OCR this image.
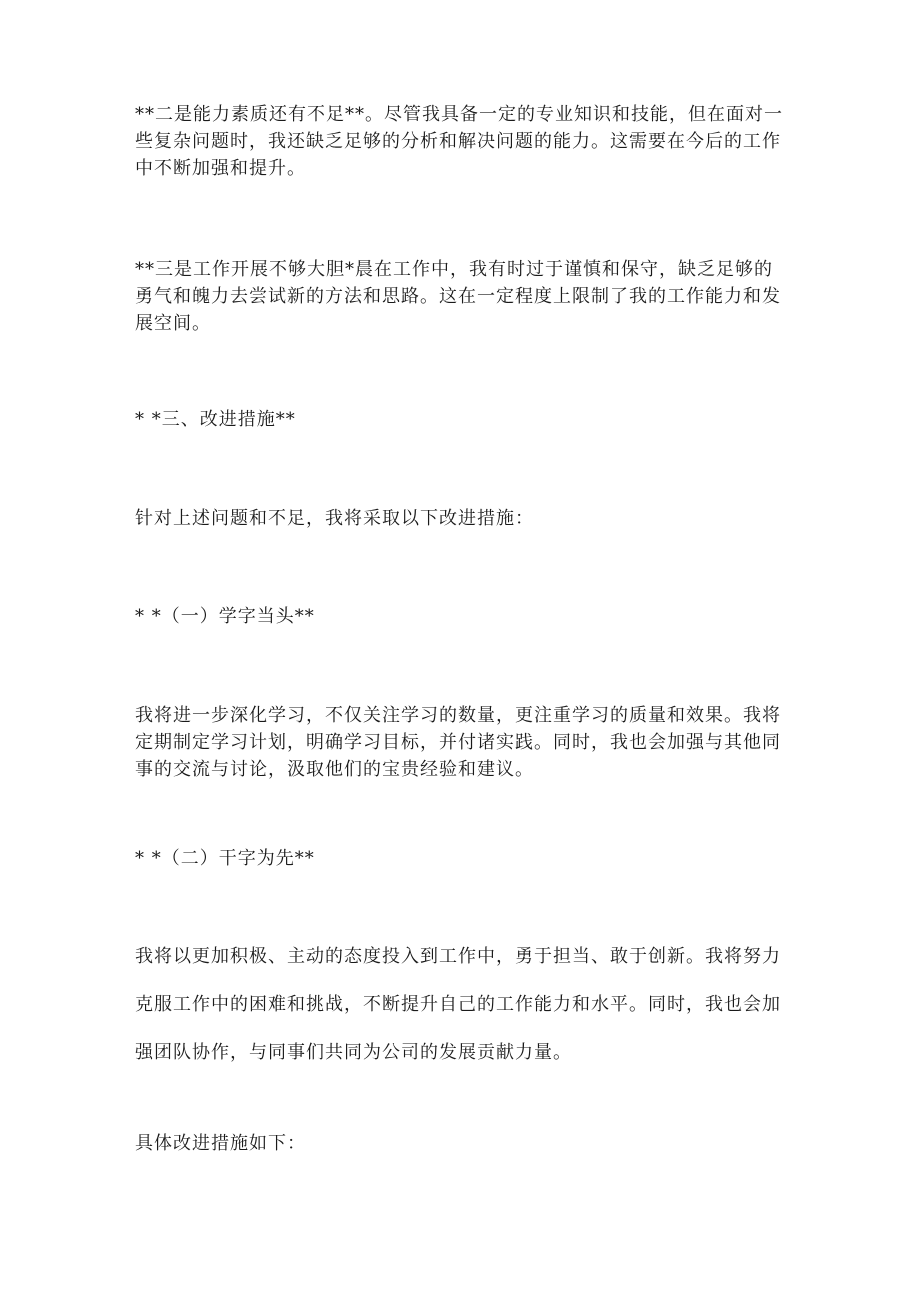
**二是能力素质还有不足**。尽管我具备一定的专业知识和技能，但在面对一些复杂问题时，我还缺乏足够的分析和解决问题的能力。这需要在今后的工作中不断加强和提升。
**三是工作开展不够大胆*晨在工作中，我有时过于谨慎和保守，缺乏足够的勇气和魄力去尝试新的方法和思路。这在一定程度上限制了我的工作能力和发展空间。
* *三、改进措施**
针对上述问题和不足，我将采取以下改进措施：
* *（一）学字当头**
我将进一步深化学习，不仅关注学习的数量，更注重学习的质量和效果。我将定期制定学习计划，明确学习目标，并付诸实践。同时，我也会加强与其他同事的交流与讨论，汲取他们的宝贵经验和建议。
* *（二）干字为先**
我将以更加积极、主动的态度投入到工作中，勇于担当、敢于创新。我将努力克服工作中的困难和挑战，不断提升自己的工作能力和水平。同时，我也会加强团队协作，与同事们共同为公司的发展贡献力量。
具体改进措施如下：
